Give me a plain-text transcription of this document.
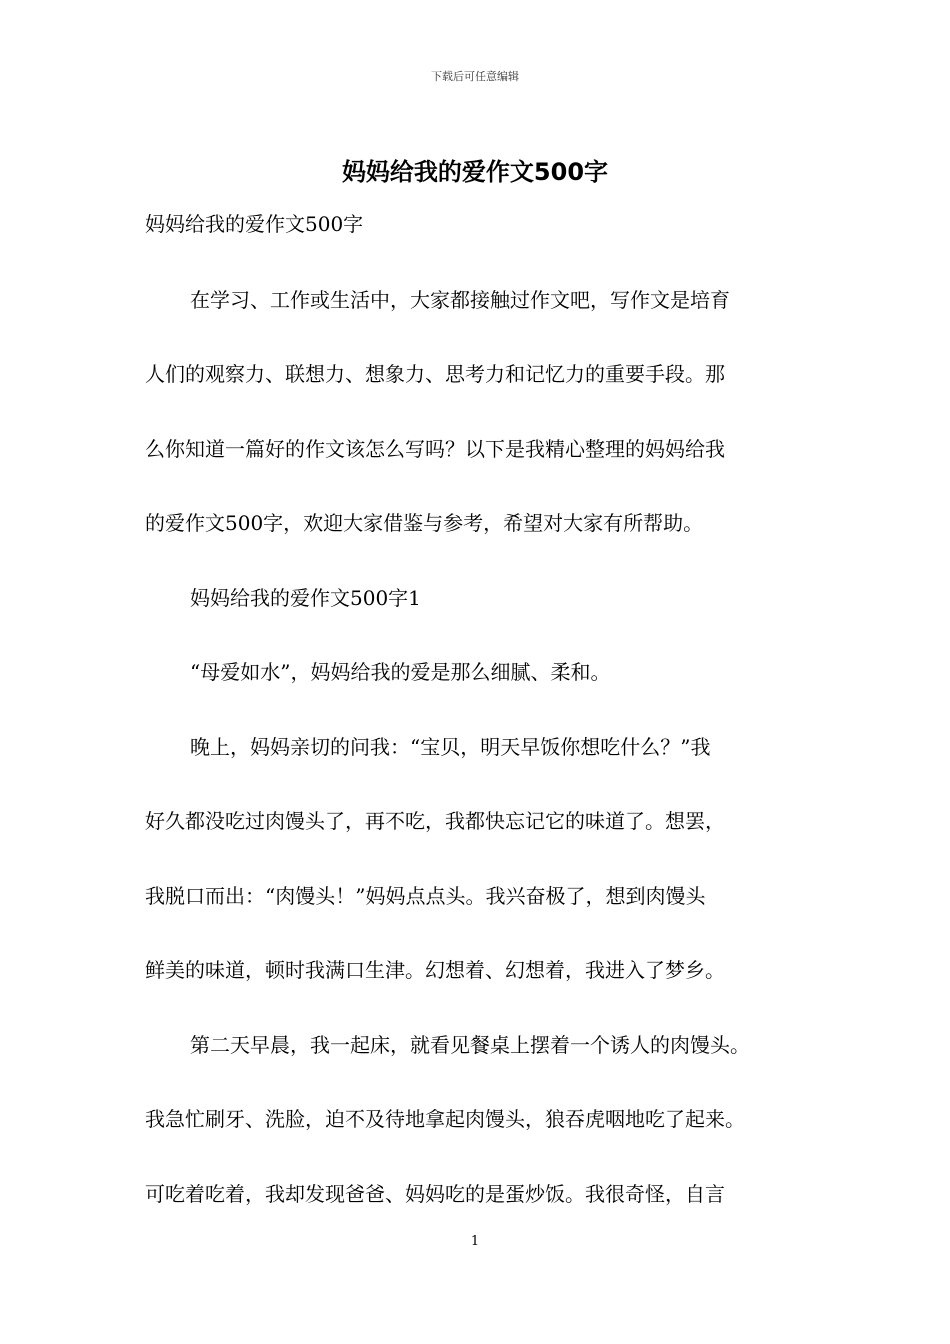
下载后可任意编辑
妈妈给我的爱作文500字
妈妈给我的爱作文500字
在学习、工作或生活中，大家都接触过作文吧，写作文是培育
人们的观察力、联想力、想象力、思考力和记忆力的重要手段。那
么你知道一篇好的作文该怎么写吗？以下是我精心整理的妈妈给我
的爱作文500字，欢迎大家借鉴与参考，希望对大家有所帮助。
妈妈给我的爱作文500字1
“母爱如水”，妈妈给我的爱是那么细腻、柔和。
晚上，妈妈亲切的问我：“宝贝，明天早饭你想吃什么？”我
好久都没吃过肉馒头了，再不吃，我都快忘记它的味道了。想罢，
我脱口而出：“肉馒头！”妈妈点点头。我兴奋极了，想到肉馒头
鲜美的味道，顿时我满口生津。幻想着、幻想着，我进入了梦乡。
第二天早晨，我一起床，就看见餐桌上摆着一个诱人的肉馒头。
我急忙刷牙、洗脸，迫不及待地拿起肉馒头，狼吞虎咽地吃了起来。
可吃着吃着，我却发现爸爸、妈妈吃的是蛋炒饭。我很奇怪，自言
1
